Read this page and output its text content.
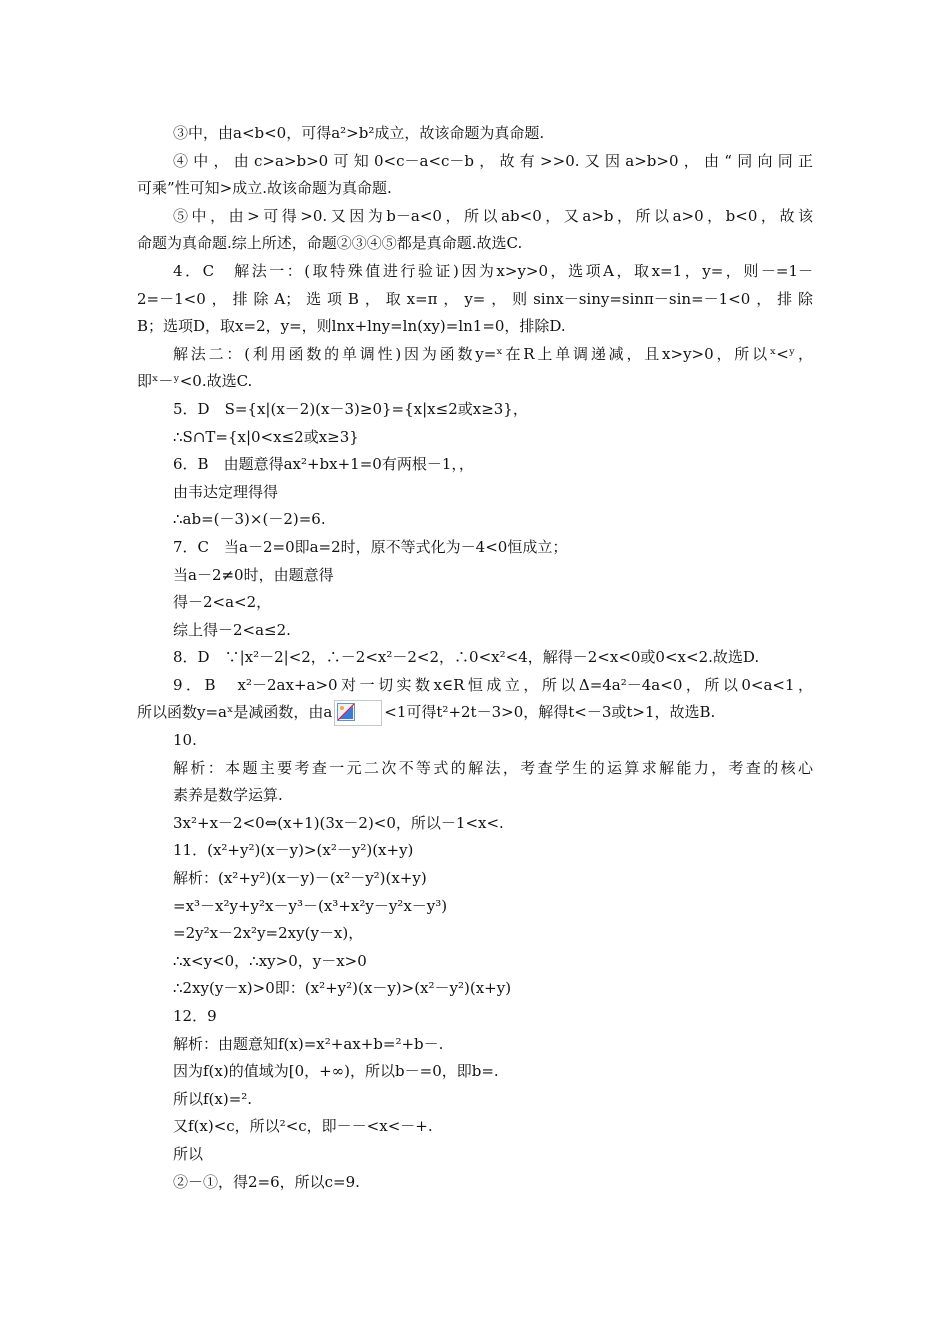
③中，由a<b<0，可得a²>b²成立，故该命题为真命题.
④中，由c>a>b>0可知0<c－a<c－b，故有>>0.又因a>b>0，由“同向同正
可乘”性可知>成立.故该命题为真命题.
⑤中，由>可得>0.又因为b－a<0，所以ab<0，又a>b，所以a>0，b<0，故该
命题为真命题.综上所述，命题②③④⑤都是真命题.故选C.
4．C　解法一：(取特殊值进行验证)因为x>y>0，选项A，取x=1，y=，则－=1－
2=－1<0，排除A；选项B，取x=π，y=，则sinx－siny=sinπ－sin=－1<0，排除
B；选项D，取x=2，y=，则lnx+lny=ln(xy)=ln1=0，排除D.
解法二：(利用函数的单调性)因为函数y=ˣ在R上单调递减，且x>y>0，所以ˣ<ʸ，
即ˣ－ʸ<0.故选C.
5．D　S={x|(x－2)(x－3)≥0}={x|x≤2或x≥3}，
∴S∩T={x|0<x≤2或x≥3}
6．B　由题意得ax²+bx+1=0有两根－1，，
由韦达定理得得
∴ab=(－3)×(－2)=6.
7．C　当a－2=0即a=2时，原不等式化为－4<0恒成立；
当a－2≠0时，由题意得
得－2<a<2，
综上得－2<a≤2.
8．D　∵|x²－2|<2，∴－2<x²－2<2，∴0<x²<4，解得－2<x<0或0<x<2.故选D.
9．B　x²－2ax+a>0对一切实数x∈R恒成立，所以Δ=4a²－4a<0，所以0<a<1，
所以函数y=aˣ是减函数，由a	<1可得t²+2t－3>0，解得t<－3或t>1，故选B.
10.
解析：本题主要考查一元二次不等式的解法，考查学生的运算求解能力，考查的核心
素养是数学运算.
3x²+x－2<0⇔(x+1)(3x－2)<0，所以－1<x<.
11．(x²+y²)(x－y)>(x²－y²)(x+y)
解析：(x²+y²)(x－y)－(x²－y²)(x+y)
=x³－x²y+y²x－y³－(x³+x²y－y²x－y³)
=2y²x－2x²y=2xy(y－x)，
∴x<y<0，∴xy>0，y－x>0
∴2xy(y－x)>0即：(x²+y²)(x－y)>(x²－y²)(x+y)
12．9
解析：由题意知f(x)=x²+ax+b=²+b－.
因为f(x)的值域为[0，+∞)，所以b－=0，即b=.
所以f(x)=².
又f(x)<c，所以²<c，即－－<x<－+.
所以
②－①，得2=6，所以c=9.
